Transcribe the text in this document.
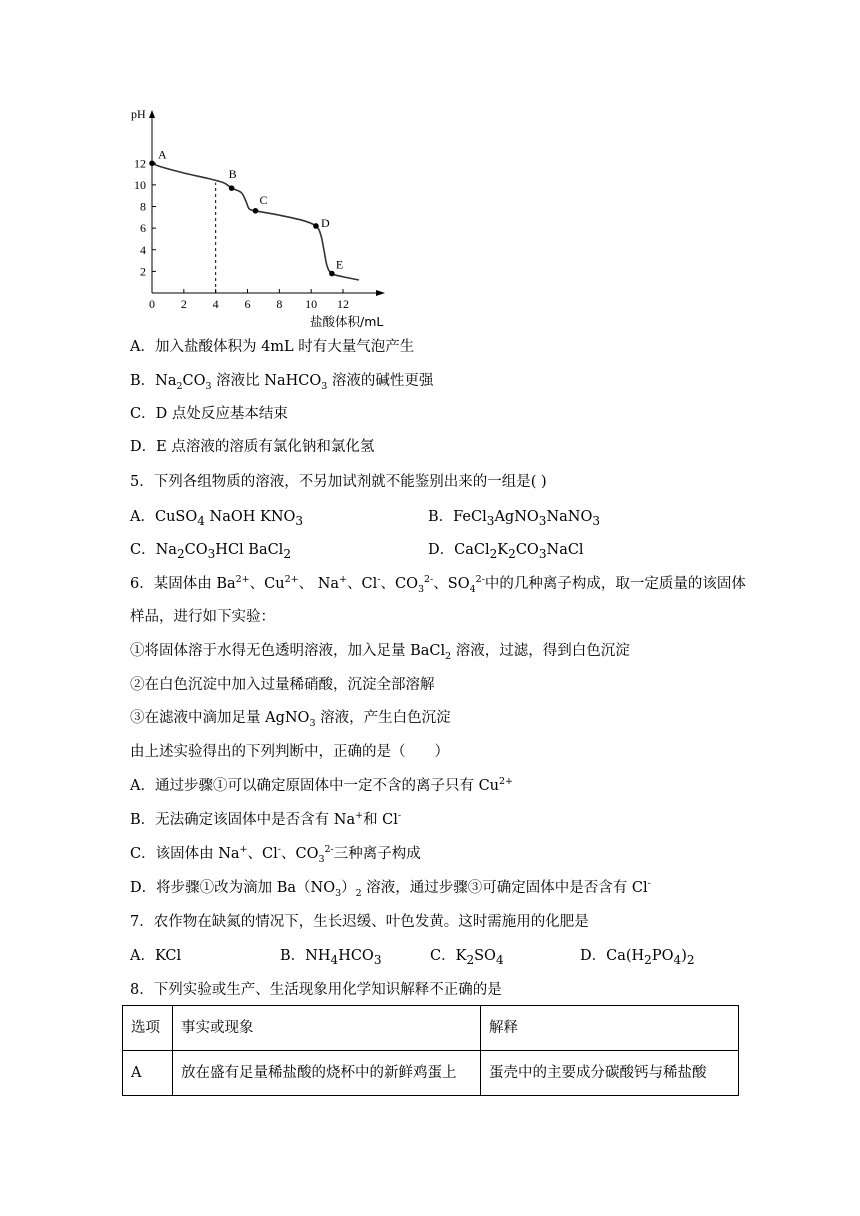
0 2 4 6 8 10 12
2
4
6
8
10
12
A
B
C
D
E
pH
盐酸体积/mL
A．加入盐酸体积为 4mL 时有大量气泡产生
B．$Na_2CO_3$ 溶液比 NaHCO$_3$ 溶液的碱性更强
C．D 点处反应基本结束
D．E 点溶液的溶质有氯化钠和氯化氢
5．下列各组物质的溶液，不另加试剂就不能鉴别出来的一组是( )
A．CuSO$_4$ NaOH $KNO_3$	B．FeCl$_3$AgNO$_3$NaNO$_3$
C．$Na_2CO_3HCl$ BaCl$_2$	D．$CaCl_2K_2CO_3NaCl$
6．某固体由 $Ba^{2+}$、$Cu^{2+}$、 Na+、Cl-、$CO_3^{2-}$、$SO_4^{2-}$中的几种离子构成，取一定质量的该固体
样品，进行如下实验：
①将固体溶于水得无色透明溶液，加入足量 BaCl$_2$ 溶液，过滤，得到白色沉淀
②在白色沉淀中加入过量稀硝酸，沉淀全部溶解
③在滤液中滴加足量 AgNO$_3$ 溶液，产生白色沉淀
由上述实验得出的下列判断中，正确的是（　　）
A．通过步骤①可以确定原固体中一定不含的离子只有 $Cu^{2+}$
B．无法确定该固体中是否含有 Na+和 Cl-
C．该固体由 Na+、Cl-、$CO_3^{2-}$三种离子构成
D．将步骤①改为滴加 $Ba(NO_3)_2$ 溶液，通过步骤③可确定固体中是否含有 Cl-
7．农作物在缺氮的情况下，生长迟缓、叶色发黄。这时需施用的化肥是
A．KCl	B．$NH_4HCO_3$	C．$K_2SO_4$	D．$Ca(H_2PO_4)_2$
8．下列实验或生产、生活现象用化学知识解释不正确的是
选项	事实或现象	解释
A	放在盛有足量稀盐酸的烧杯中的新鲜鸡蛋上	蛋壳中的主要成分碳酸钙与稀盐酸
